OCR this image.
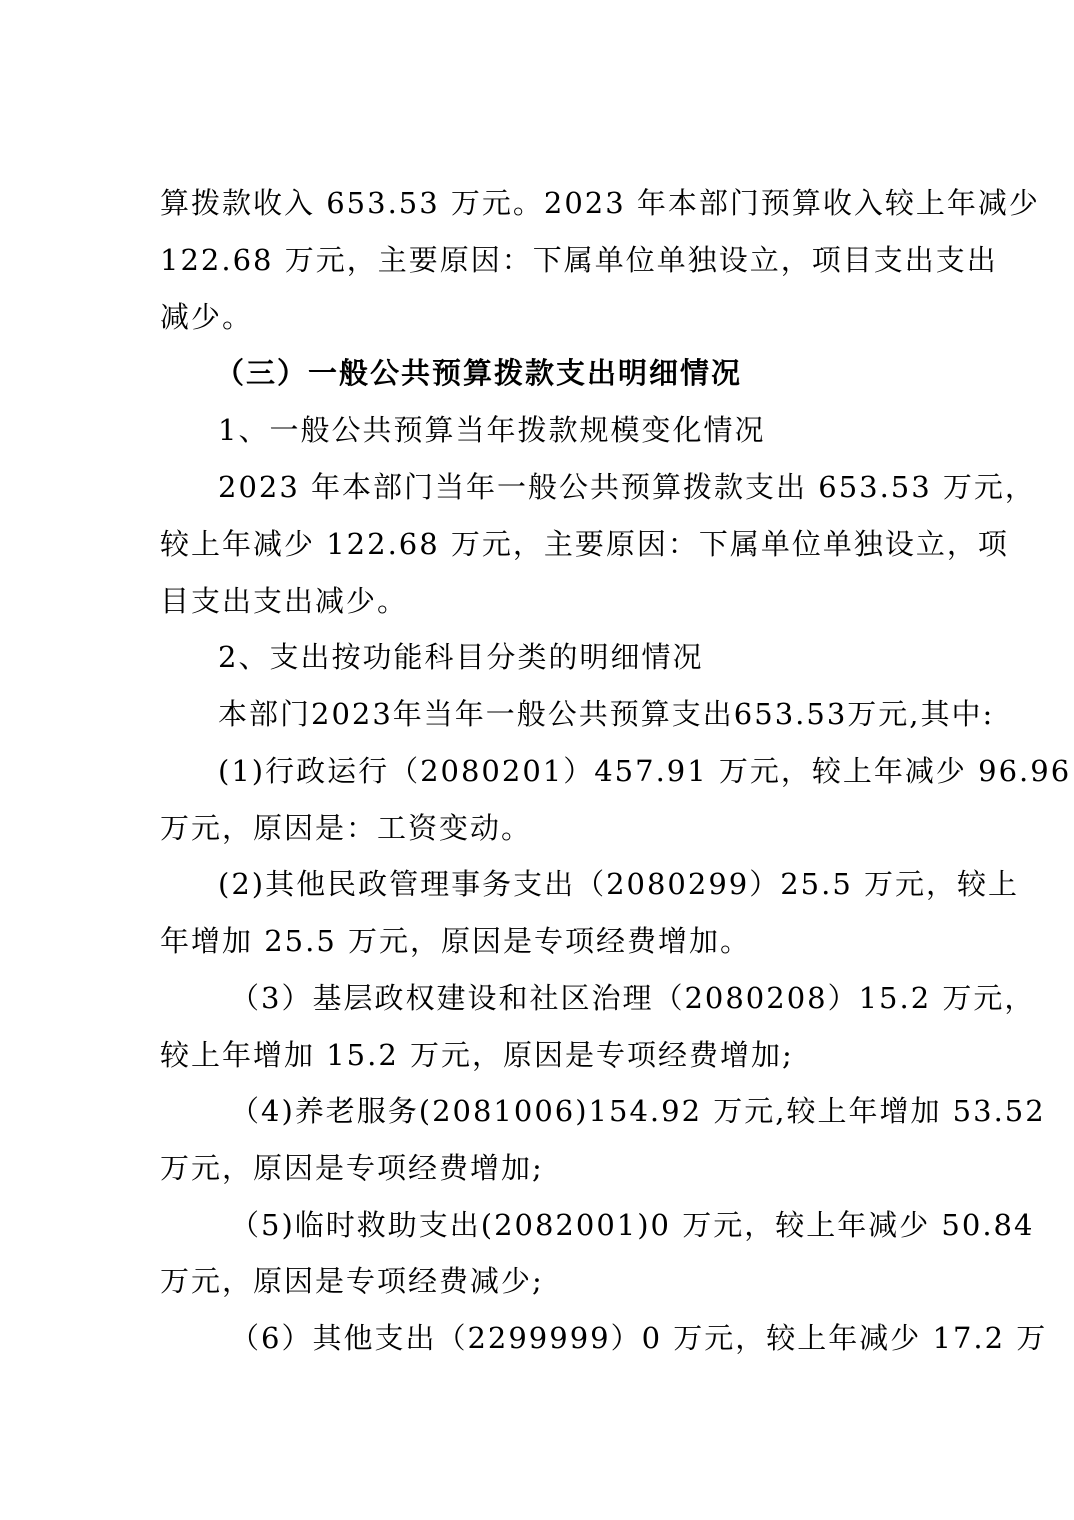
算拨款收入 653.53 万元。2023 年本部门预算收入较上年减少
122.68 万元，主要原因：下属单位单独设立，项目支出支出
减少。
（三）一般公共预算拨款支出明细情况
1、一般公共预算当年拨款规模变化情况
2023 年本部门当年一般公共预算拨款支出 653.53 万元，
较上年减少 122.68 万元，主要原因：下属单位单独设立，项
目支出支出减少。
2、支出按功能科目分类的明细情况
本部门2023年当年一般公共预算支出653.53万元,其中:
(1)行政运行（2080201）457.91 万元，较上年减少 96.96
万元，原因是：工资变动。
(2)其他民政管理事务支出（2080299）25.5 万元，较上
年增加 25.5 万元，原因是专项经费增加。
（3）基层政权建设和社区治理（2080208）15.2 万元，
较上年增加 15.2 万元，原因是专项经费增加;
（4)养老服务(2081006)154.92 万元,较上年增加 53.52
万元，原因是专项经费增加;
（5)临时救助支出(2082001)0 万元，较上年减少 50.84
万元，原因是专项经费减少;
（6）其他支出（2299999）0 万元，较上年减少 17.2 万
